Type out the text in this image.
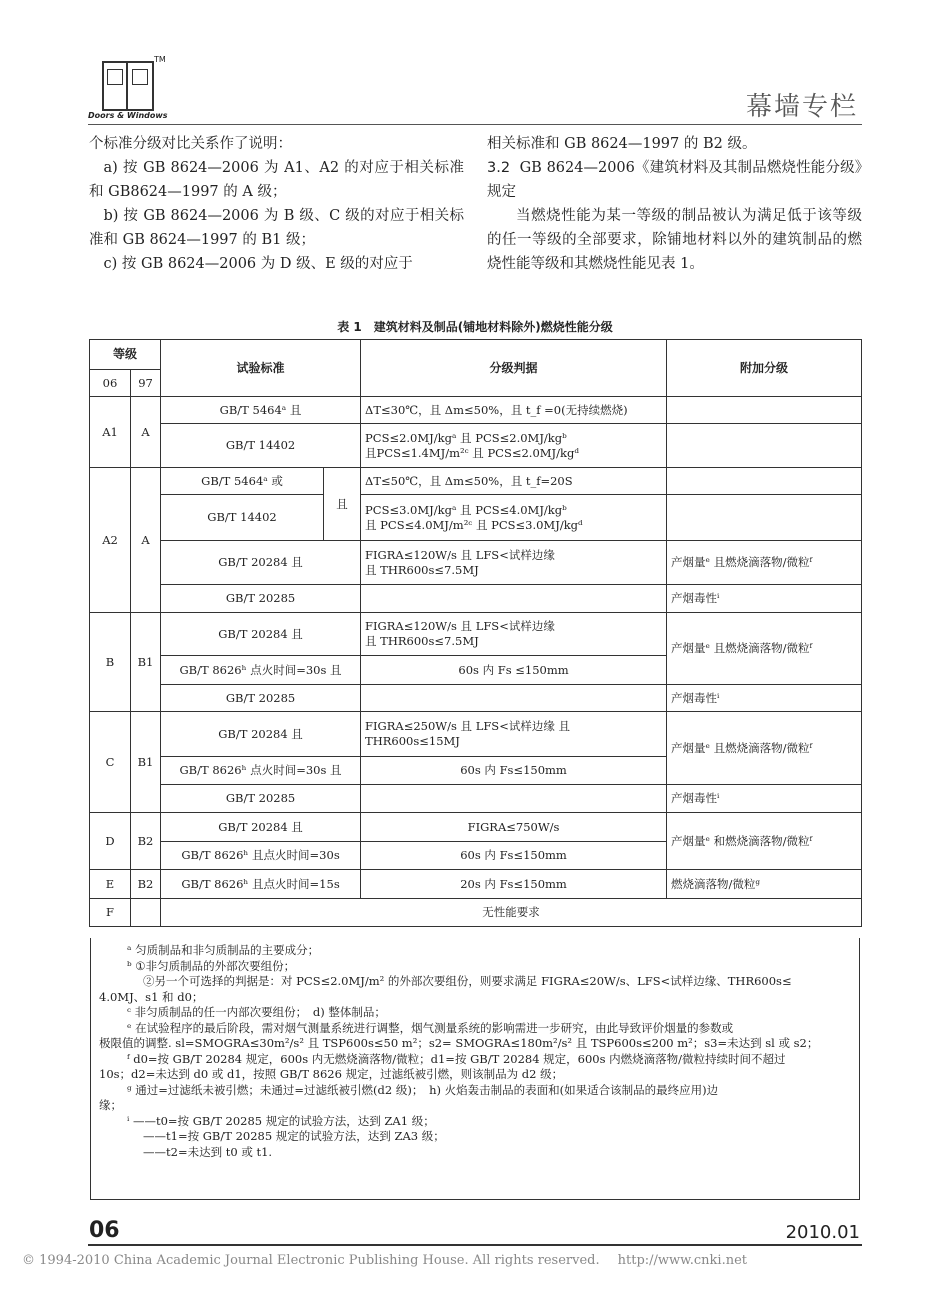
TM
Doors & Windows	幕墙专栏

个标准分级对比关系作了说明：

a) 按 GB 8624—2006 为 A1、A2 的对应于相关标准和 GB8624—1997 的 A 级；

b) 按 GB 8624—2006 为 B 级、C 级的对应于相关标准和 GB 8624—1997 的 B1 级；

c) 按 GB 8624—2006 为 D 级、E 级的对应于

相关标准和 GB 8624—1997 的 B2 级。

3.2 GB 8624—2006《建筑材料及其制品燃烧性能分级》规定

当燃烧性能为某一等级的制品被认为满足低于该等级的任一等级的全部要求，除铺地材料以外的建筑制品的燃烧性能等级和其燃烧性能见表 1。

表 1　建筑材料及制品(铺地材料除外)燃烧性能分级
等级		试验标准		分级判据	附加分级
06	97				
A1	A	GB/T 5464ᵃ 且		ΔT≤30℃，且 Δm≤50%，且 t_f =0(无持续燃烧)	
		GB/T 14402		PCS≤2.0MJ/kgᵃ 且 PCS≤2.0MJ/kgᵇ
且PCS≤1.4MJ/m²ᶜ 且 PCS≤2.0MJ/kgᵈ	

A2	A	GB/T 5464ᵃ 或	且	ΔT≤50℃，且 Δm≤50%，且 t_f=20S	
		GB/T 14402		PCS≤3.0MJ/kgᵃ 且 PCS≤4.0MJ/kgᵇ
且 PCS≤4.0MJ/m²ᶜ 且 PCS≤3.0MJ/kgᵈ	

		GB/T 20284 且		FIGRA≤120W/s 且 LFS<试样边缘
且 THR600s≤7.5MJ	产烟量ᵉ 且燃烧滴落物/微粒ᶠ
		GB/T 20285			产烟毒性ⁱ
B	B1	GB/T 20284 且		FIGRA≤120W/s 且 LFS<试样边缘
且 THR600s≤7.5MJ	产烟量ᵉ 且燃烧滴落物/微粒ᶠ
		GB/T 8626ʰ 点火时间=30s 且		60s 内 Fs ≤150mm	
		GB/T 20285			产烟毒性ⁱ
C	B1	GB/T 20284 且		FIGRA≤250W/s 且 LFS<试样边缘 且
THR600s≤15MJ	产烟量ᵉ 且燃烧滴落物/微粒ᶠ
		GB/T 8626ʰ 点火时间=30s 且		60s 内 Fs≤150mm	
		GB/T 20285			产烟毒性ⁱ
D	B2	GB/T 20284 且		FIGRA≤750W/s	产烟量ᵉ 和燃烧滴落物/微粒ᶠ
		GB/T 8626ʰ 且点火时间=30s		60s 内 Fs≤150mm	
E	B2	GB/T 8626ʰ 且点火时间=15s		20s 内 Fs≤150mm	燃烧滴落物/微粒ᵍ
F		无性能要求			
ᵃ 匀质制品和非匀质制品的主要成分；
ᵇ ①非匀质制品的外部次要组份；
②另一个可选择的判据是：对 PCS≤2.0MJ/m² 的外部次要组份，则要求满足 FIGRA≤20W/s、LFS<试样边缘、THR600s≤
4.0MJ、s1 和 d0；
ᶜ 非匀质制品的任一内部次要组份；　d) 整体制品；
ᵉ 在试验程序的最后阶段，需对烟气测量系统进行调整，烟气测量系统的影响需进一步研究，由此导致评价烟量的参数或
极限值的调整. sl=SMOGRA≤30m²/s² 且 TSP600s≤50 m²；s2= SMOGRA≤180m²/s² 且 TSP600s≤200 m²；s3=未达到 sl 或 s2；
ᶠ d0=按 GB/T 20284 规定，600s 内无燃烧滴落物/微粒；d1=按 GB/T 20284 规定，600s 内燃烧滴落物/微粒持续时间不超过
10s；d2=未达到 d0 或 d1，按照 GB/T 8626 规定，过滤纸被引燃，则该制品为 d2 级；
ᵍ 通过=过滤纸未被引燃；未通过=过滤纸被引燃(d2 级)；　h) 火焰轰击制品的表面和(如果适合该制品的最终应用)边
缘；
ⁱ ——t0=按 GB/T 20285 规定的试验方法，达到 ZA1 级；
——t1=按 GB/T 20285 规定的试验方法，达到 ZA3 级；
——t2=未达到 t0 或 t1.
06	2010.01
© 1994-2010 China Academic Journal Electronic Publishing House. All rights reserved. http://www.cnki.net
